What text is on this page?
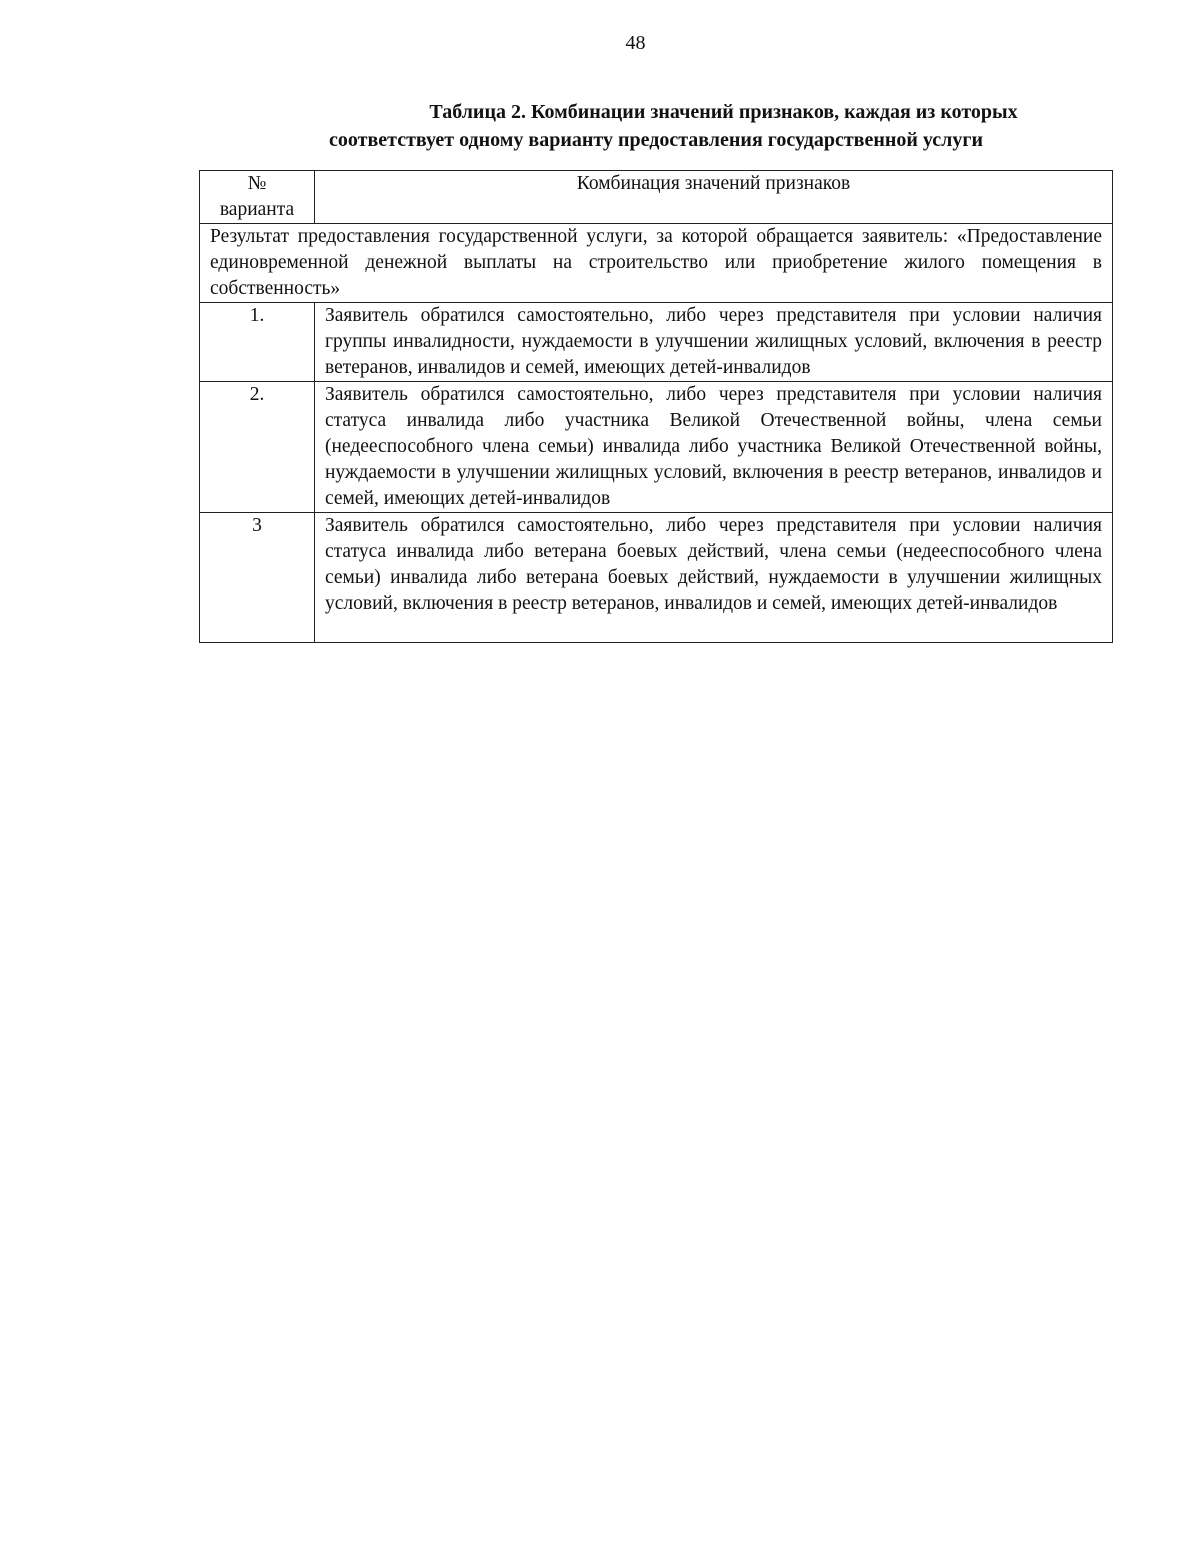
48
Таблица 2. Комбинации значений признаков, каждая из которых
соответствует одному варианту предоставления государственной услуги
№
варианта	Комбинация значений признаков
Результат предоставления государственной услуги, за которой обращается заявитель: «Предоставление единовременной денежной выплаты на строительство или приобретение жилого помещения в собственность»	
1.	Заявитель обратился самостоятельно, либо через представителя при условии наличия группы инвалидности, нуждаемости в улучшении жилищных условий, включения в реестр ветеранов, инвалидов и семей, имеющих детей-инвалидов
2.	Заявитель обратился самостоятельно, либо через представителя при условии наличия статуса инвалида либо участника Великой Отечественной войны, члена семьи (недееспособного члена семьи) инвалида либо участника Великой Отечественной войны, нуждаемости в улучшении жилищных условий, включения в реестр ветеранов, инвалидов и семей, имеющих детей-инвалидов
3	Заявитель обратился самостоятельно, либо через представителя при условии наличия статуса инвалида либо ветерана боевых действий, члена семьи (недееспособного члена семьи) инвалида либо ветерана боевых действий, нуждаемости в улучшении жилищных условий, включения в реестр ветеранов, инвалидов и семей, имеющих детей-инвалидов
